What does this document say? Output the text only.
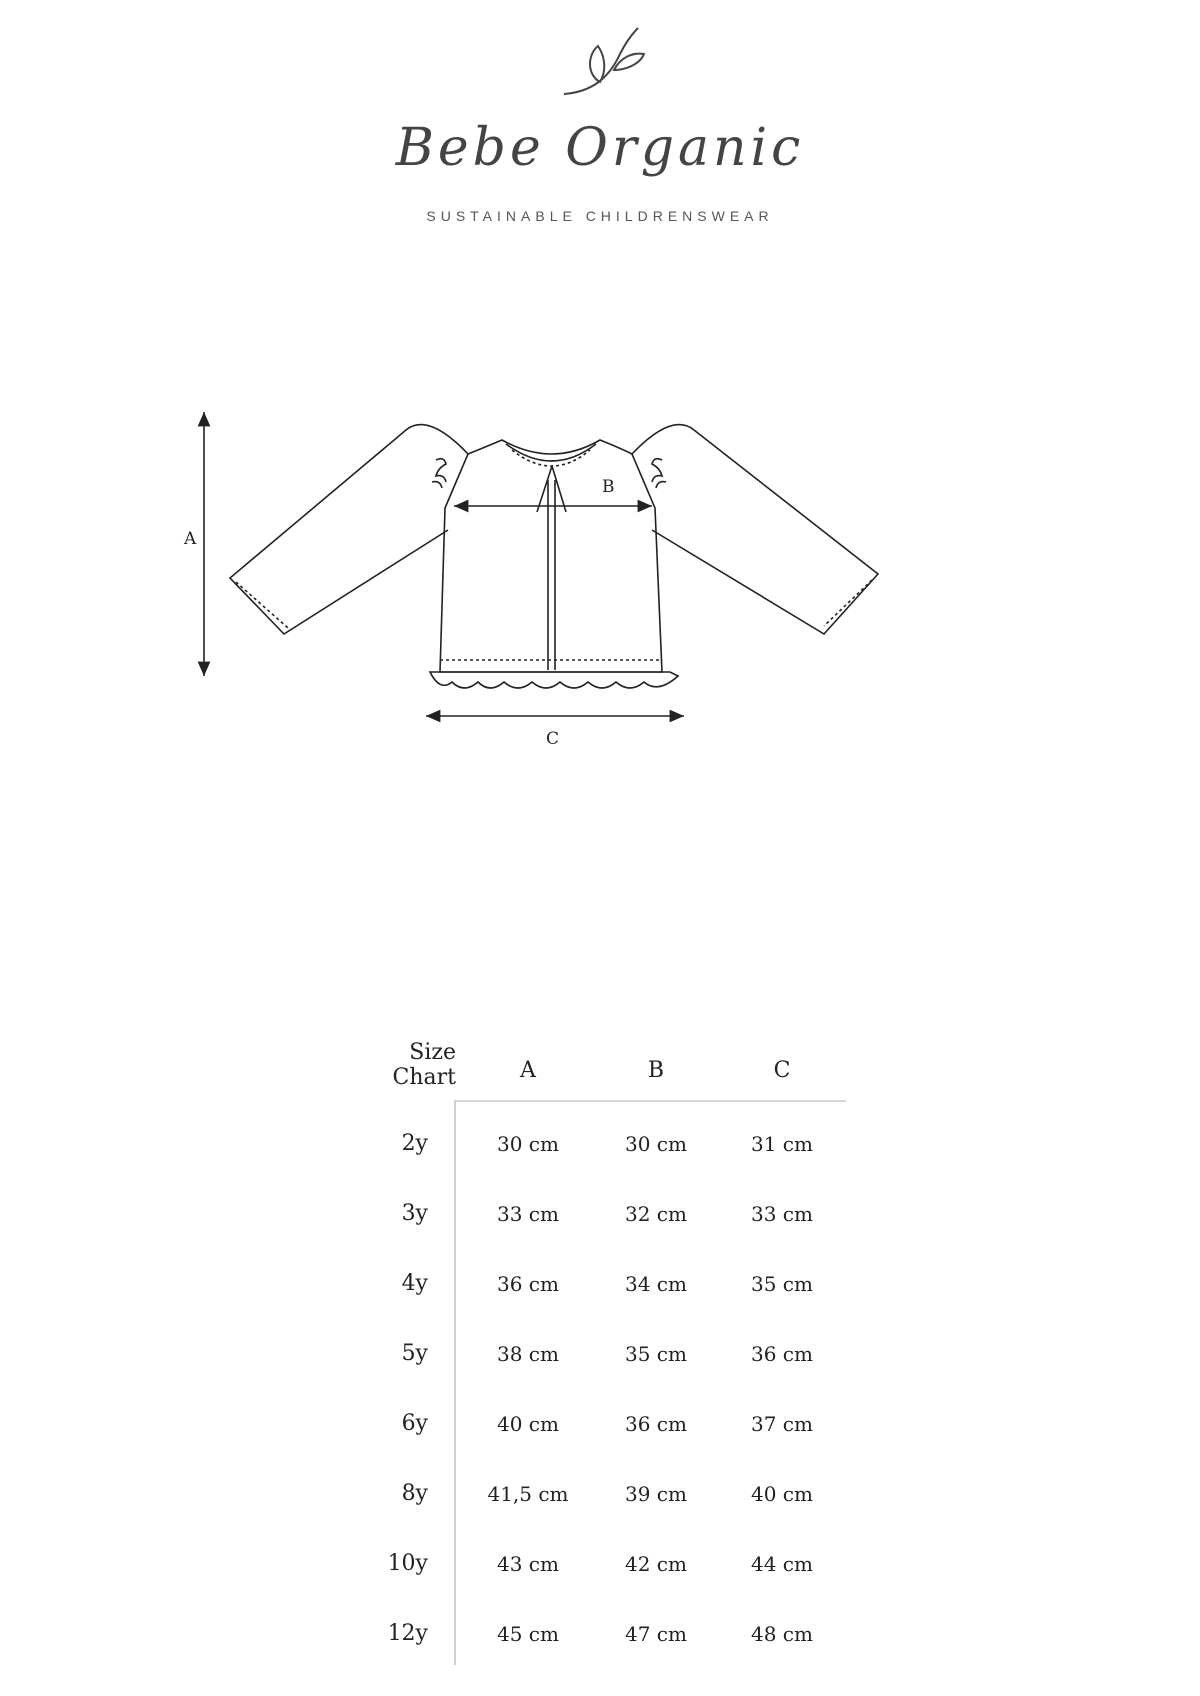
Bebe Organic
SUSTAINABLE CHILDRENSWEAR
A
B
C
Size
Chart	A	B	C
2y	30 cm	30 cm	31 cm
3y	33 cm	32 cm	33 cm
4y	36 cm	34 cm	35 cm
5y	38 cm	35 cm	36 cm
6y	40 cm	36 cm	37 cm
8y	41,5 cm	39 cm	40 cm
10y	43 cm	42 cm	44 cm
12y	45 cm	47 cm	48 cm
